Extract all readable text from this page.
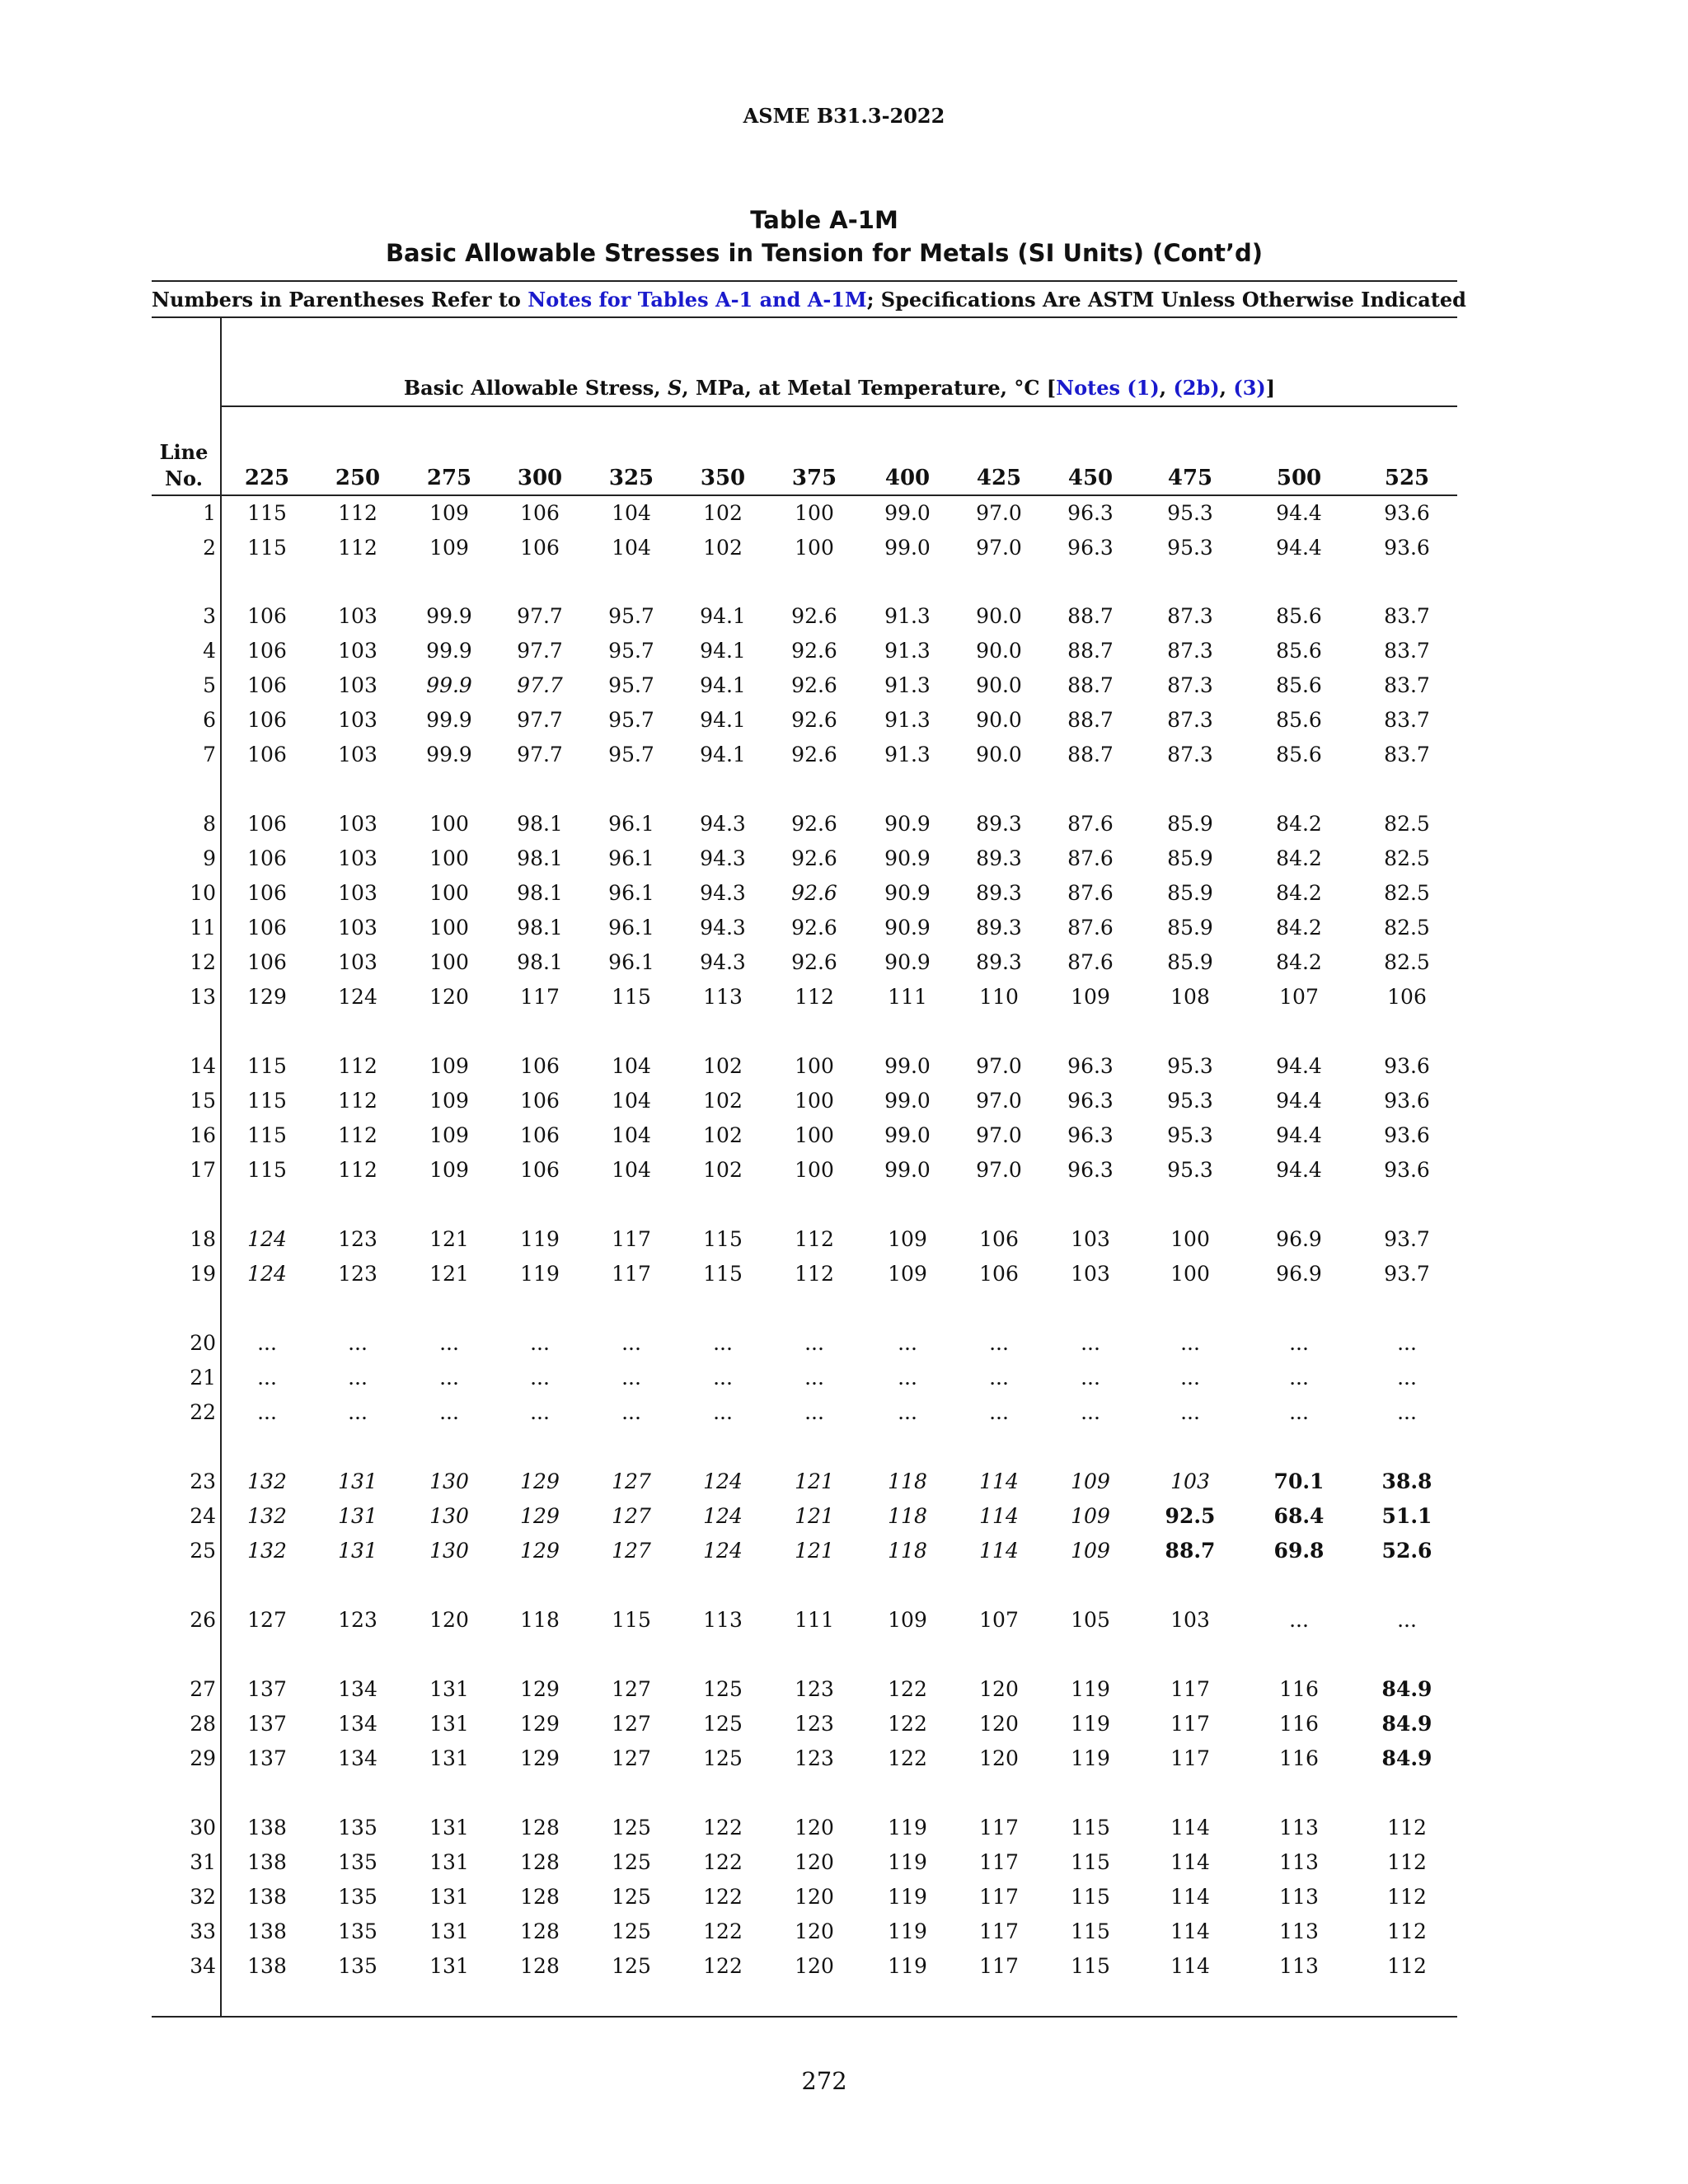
ASME B31.3-2022
Table A-1M
Basic Allowable Stresses in Tension for Metals (SI Units) (Cont’d)
Numbers in Parentheses Refer to Notes for Tables A-1 and A-1M; Specifications Are ASTM Unless Otherwise Indicated
Basic Allowable Stress, S, MPa, at Metal Temperature, °C [Notes (1), (2b), (3)]
Line
No.	225 250 275 300 325 350 375 400 425 450	475	500	525
1 115 112	109 106	104	102	100 99.0 97.0 96.3	95.3	94.4	93.6
2 115 112	109 106	104	102	100 99.0 97.0 96.3	95.3	94.4	93.6
3 106 103 99.9 97.7 95.7 94.1 92.6 91.3 90.0 88.7	87.3	85.6	83.7
4 106 103 99.9 97.7 95.7 94.1 92.6 91.3 90.0 88.7	87.3	85.6	83.7
5 106 103 99.9 97.7 95.7 94.1 92.6 91.3 90.0 88.7	87.3	85.6	83.7
6 106 103 99.9 97.7 95.7 94.1 92.6 91.3 90.0 88.7	87.3	85.6	83.7
7 106 103 99.9 97.7 95.7 94.1 92.6 91.3 90.0 88.7	87.3	85.6	83.7
8 106 103	100 98.1 96.1 94.3 92.6 90.9 89.3 87.6	85.9	84.2	82.5
9 106 103	100 98.1 96.1 94.3 92.6 90.9 89.3 87.6	85.9	84.2	82.5
10 106 103	100 98.1 96.1 94.3 92.6 90.9 89.3 87.6	85.9	84.2	82.5
11 106 103	100 98.1 96.1 94.3 92.6 90.9 89.3 87.6	85.9	84.2	82.5
12 106 103	100 98.1 96.1 94.3 92.6 90.9 89.3 87.6	85.9	84.2	82.5
13 129 124	120 117	115	113	112	111	110	109	108	107	106
14 115 112	109 106	104	102	100 99.0 97.0 96.3	95.3	94.4	93.6
15 115 112	109 106	104	102	100 99.0 97.0 96.3	95.3	94.4	93.6
16 115 112	109 106	104	102	100 99.0 97.0 96.3	95.3	94.4	93.6
17 115 112	109 106	104	102	100 99.0 97.0 96.3	95.3	94.4	93.6
18 124 123	121 119	117	115	112	109	106	103	100	96.9	93.7
19 124 123	121 119	117	115	112	109	106	103	100	96.9	93.7
20 ...	...	...	...	...	...	...	...	...	...	...	...	...
21 ...	...	...	...	...	...	...	...	...	...	...	...	...
22 ...	...	...	...	...	...	...	...	...	...	...	...	...
23 132 131	130 129	127	124	121	118	114	109	103	70.1	38.8
24 132 131	130 129	127	124	121	118	114	109	92.5	68.4	51.1
25 132 131	130 129	127	124	121	118	114	109	88.7	69.8	52.6
26 127 123	120 118	115	113	111	109	107	105	103	...	...
27 137 134	131 129	127	125	123	122	120	119	117	116	84.9
28 137 134	131 129	127	125	123	122	120	119	117	116	84.9
29 137 134	131 129	127	125	123	122	120	119	117	116	84.9
30 138 135	131 128	125	122	120	119	117	115	114	113	112
31 138 135	131 128	125	122	120	119	117	115	114	113	112
32 138 135	131 128	125	122	120	119	117	115	114	113	112
33 138 135	131 128	125	122	120	119	117	115	114	113	112
34 138 135	131 128	125	122	120	119	117	115	114	113	112
272
